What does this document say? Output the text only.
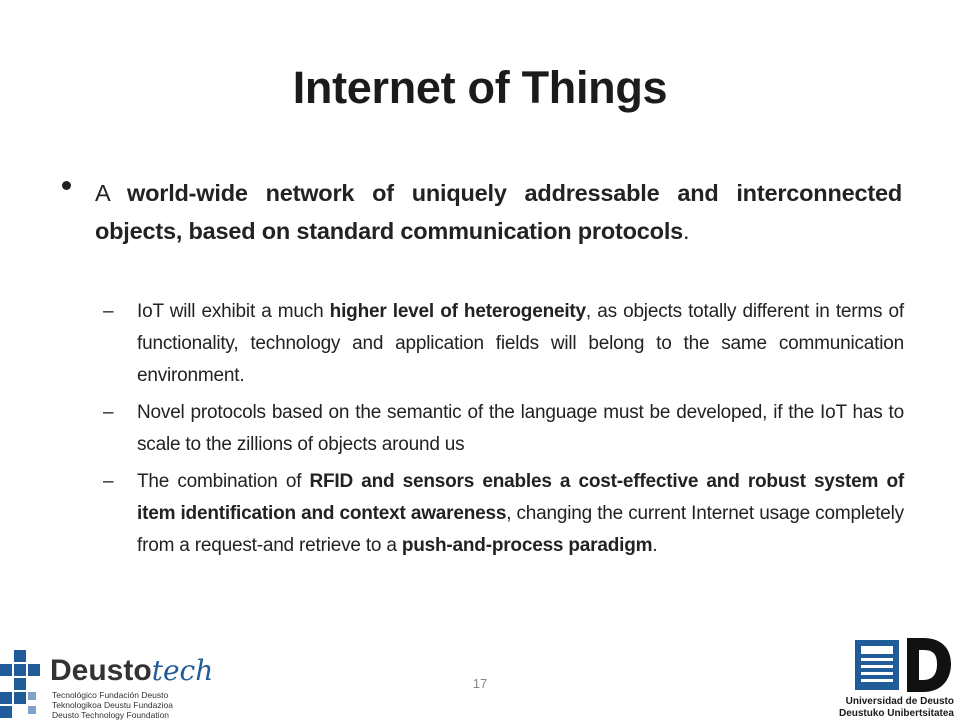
Internet of Things
A world-wide network of uniquely addressable and interconnected objects, based on standard communication protocols.
– IoT will exhibit a much higher level of heterogeneity, as objects totally different in terms of functionality, technology and application fields will belong to the same communication environment.
– Novel protocols based on the semantic of the language must be developed, if the IoT has to scale to the zillions of objects around us
– The combination of RFID and sensors enables a cost-effective and robust system of item identification and context awareness, changing the current Internet usage completely from a request-and retrieve to a push-and-process paradigm.
17
Deustotech
Tecnológico Fundación Deusto
Teknologikoa Deustu Fundazioa
Deusto Technology Foundation
Universidad de Deusto
Deustuko Unibertsitatea
